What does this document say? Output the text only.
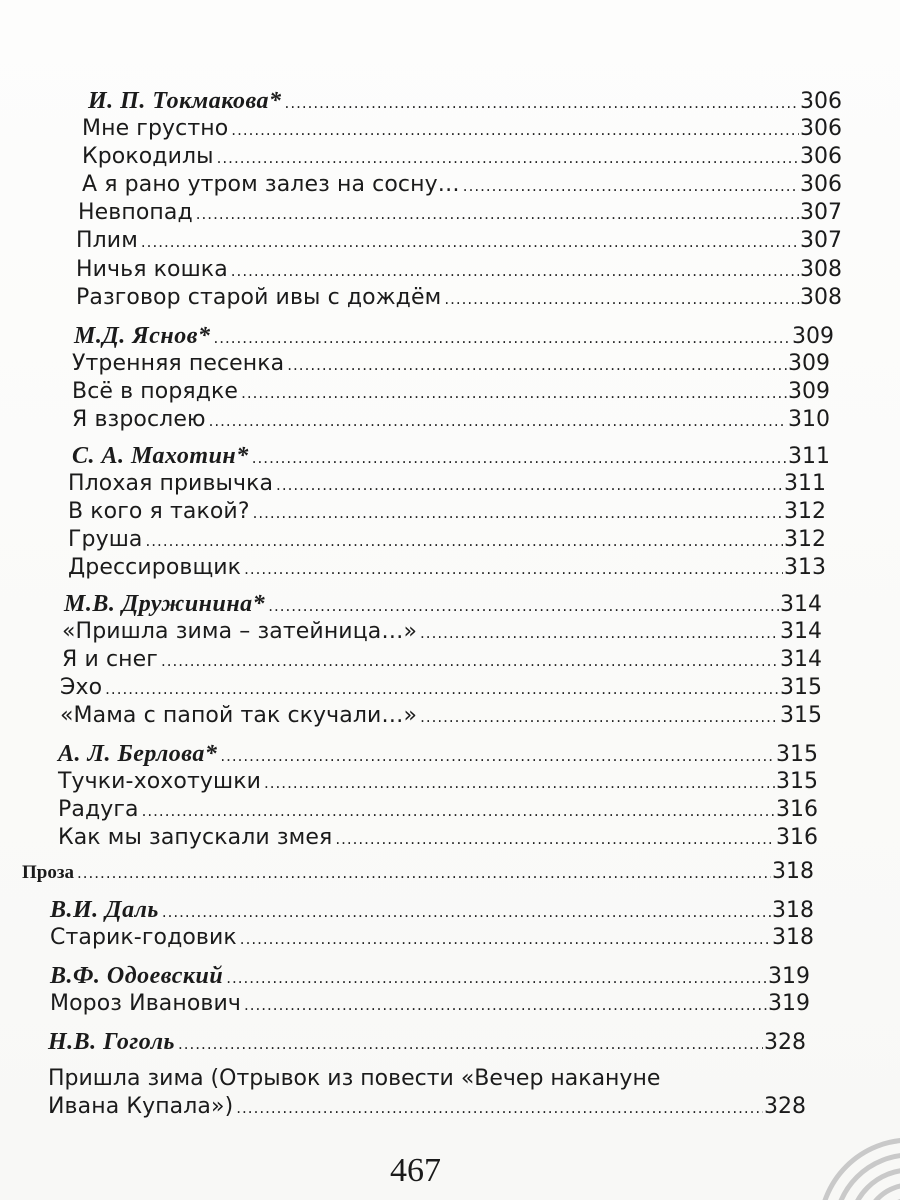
И. П. Токмакова* .....	306
Мне грустно .....	306
Крокодилы .....	306
А я рано утром залез на сосну… .....	306
Невпопад .....	307
Плим .....	307
Ничья кошка .....	308
Разговор старой ивы с дождём .....	308
М.Д. Яснов* .....	309
Утренняя песенка .....	309
Всё в порядке .....	309
Я взрослею .....	310
С. А. Махотин* .....	311
Плохая привычка .....	311
В кого я такой? .....	312
Груша .....	312
Дрессировщик .....	313
М.В. Дружинина* .....	314
«Пришла зима – затейница…» .....	314
Я и снег .....	314
Эхо .....	315
«Мама с папой так скучали…» .....	315
А. Л. Берлова* .....	315
Тучки-хохотушки .....	315
Радуга .....	316
Как мы запускали змея .....	316
Проза .....	318
В.И. Даль .....	318
Старик-годовик .....	318
В.Ф. Одоевский .....	319
Мороз Иванович .....	319
Н.В. Гоголь .....	328
Пришла зима (Отрывок из повести «Вечер накануне
Ивана Купала») .....	328
467
